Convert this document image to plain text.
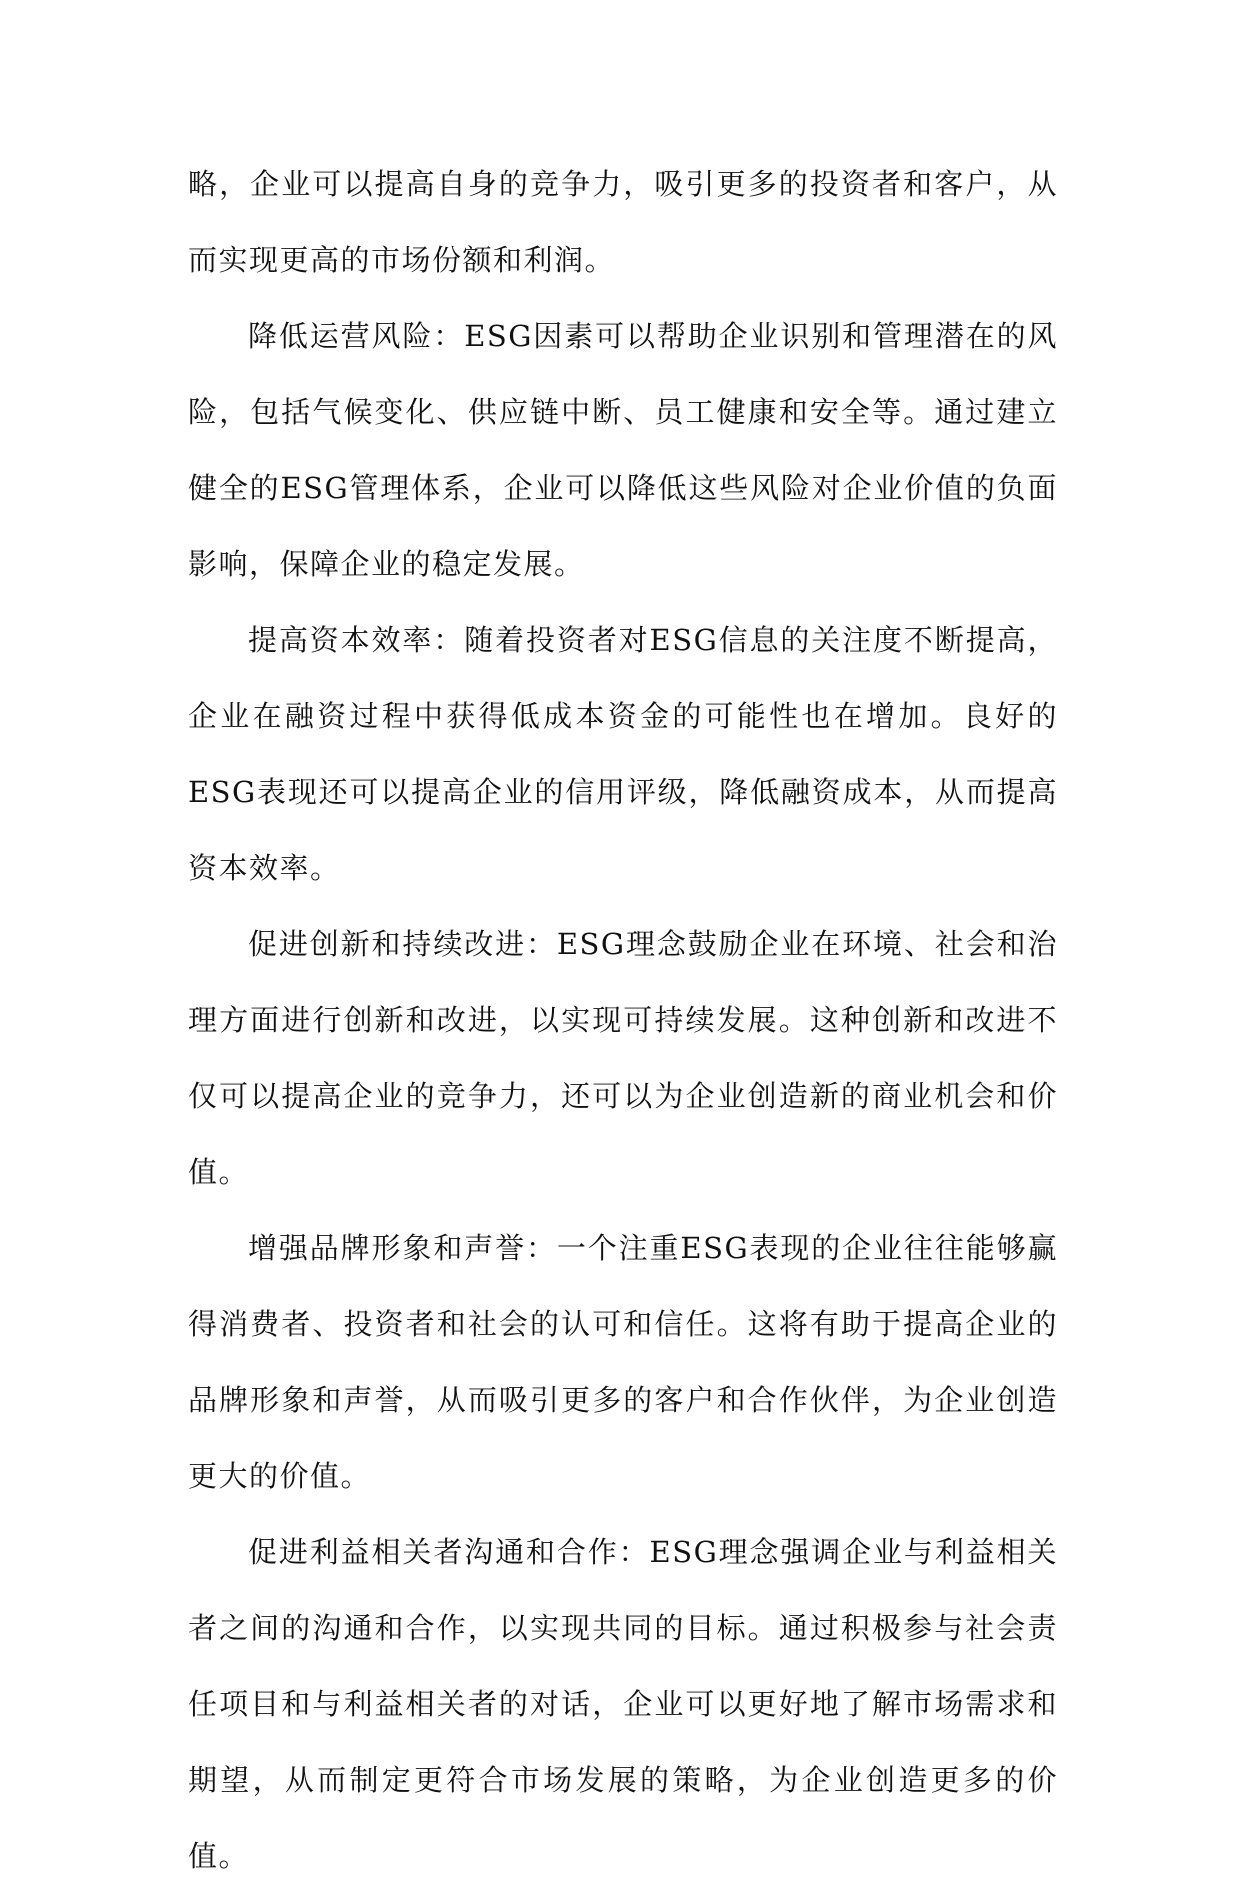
略，企业可以提高自身的竞争力，吸引更多的投资者和客户，从而实现更高的市场份额和利润。

降低运营风险：ESG因素可以帮助企业识别和管理潜在的风险，包括气候变化、供应链中断、员工健康和安全等。通过建立健全的ESG管理体系，企业可以降低这些风险对企业价值的负面影响，保障企业的稳定发展。

提高资本效率：随着投资者对ESG信息的关注度不断提高，企业在融资过程中获得低成本资金的可能性也在增加。良好的ESG表现还可以提高企业的信用评级，降低融资成本，从而提高资本效率。

促进创新和持续改进：ESG理念鼓励企业在环境、社会和治理方面进行创新和改进，以实现可持续发展。这种创新和改进不仅可以提高企业的竞争力，还可以为企业创造新的商业机会和价值。

增强品牌形象和声誉：一个注重ESG表现的企业往往能够赢得消费者、投资者和社会的认可和信任。这将有助于提高企业的品牌形象和声誉，从而吸引更多的客户和合作伙伴，为企业创造更大的价值。

促进利益相关者沟通和合作：ESG理念强调企业与利益相关者之间的沟通和合作，以实现共同的目标。通过积极参与社会责任项目和与利益相关者的对话，企业可以更好地了解市场需求和期望，从而制定更符合市场发展的策略，为企业创造更多的价值。
